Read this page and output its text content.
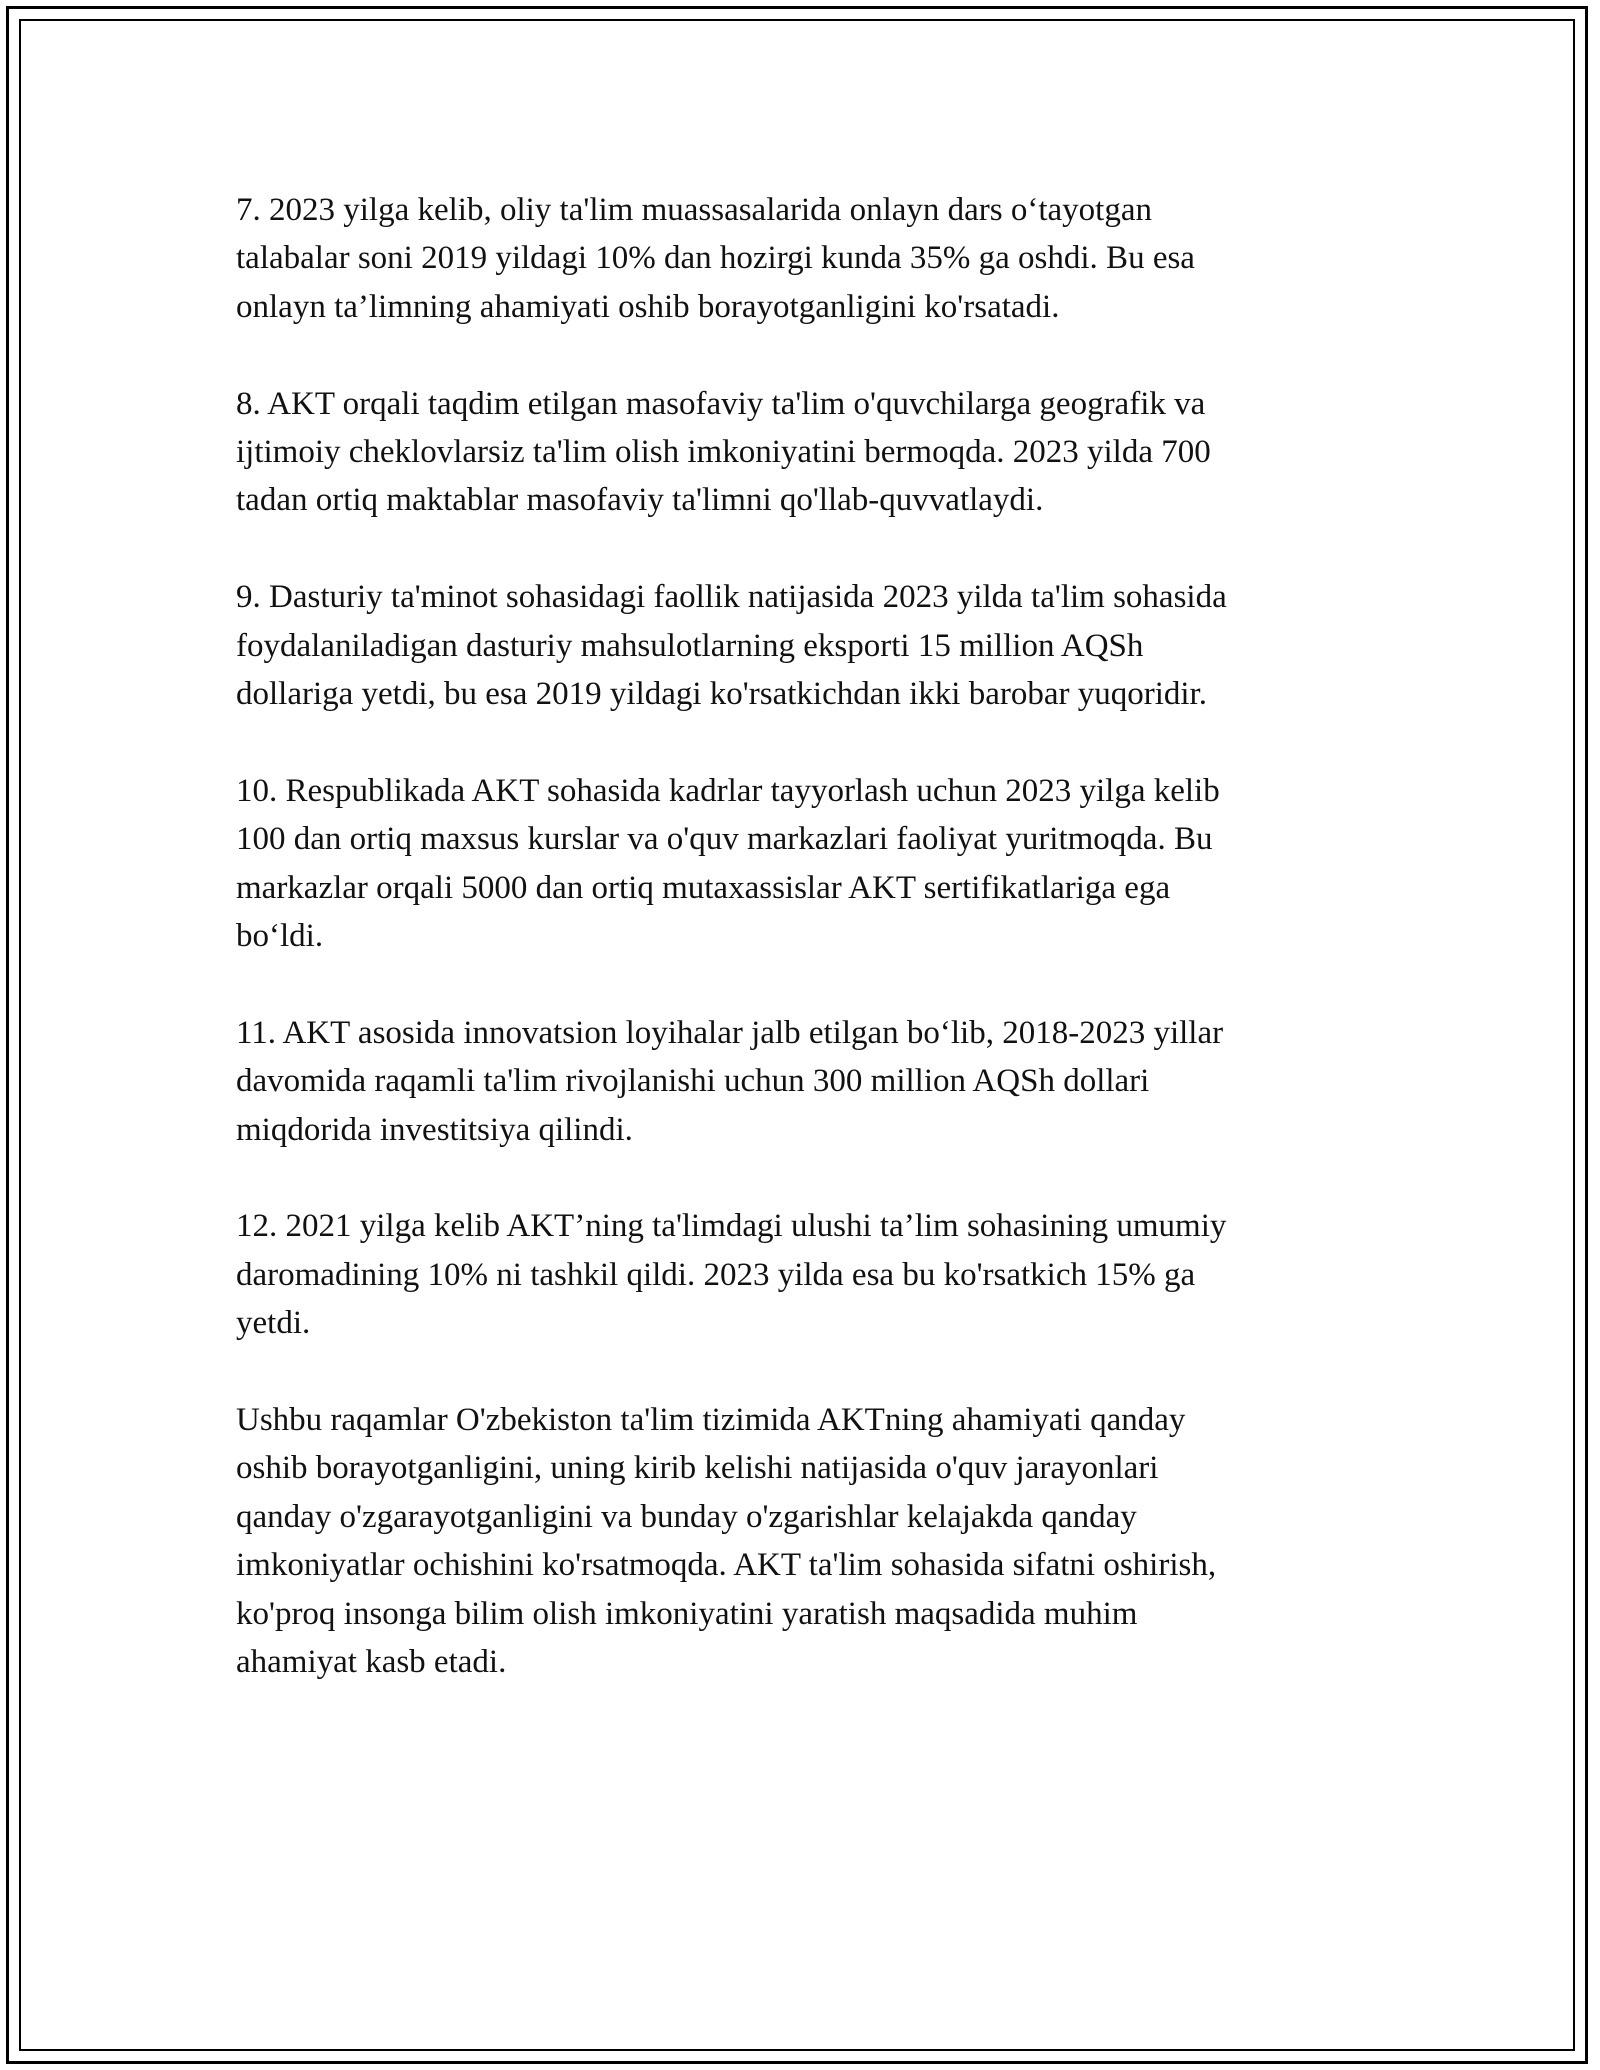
7. 2023 yilga kelib, oliy ta'lim muassasalarida onlayn dars o‘tayotgan
talabalar soni 2019 yildagi 10% dan hozirgi kunda 35% ga oshdi. Bu esa
onlayn ta’limning ahamiyati oshib borayotganligini ko'rsatadi.

8. AKT orqali taqdim etilgan masofaviy ta'lim o'quvchilarga geografik va
ijtimoiy cheklovlarsiz ta'lim olish imkoniyatini bermoqda. 2023 yilda 700
tadan ortiq maktablar masofaviy ta'limni qo'llab-quvvatlaydi.

9. Dasturiy ta'minot sohasidagi faollik natijasida 2023 yilda ta'lim sohasida
foydalaniladigan dasturiy mahsulotlarning eksporti 15 million AQSh
dollariga yetdi, bu esa 2019 yildagi ko'rsatkichdan ikki barobar yuqoridir.

10. Respublikada AKT sohasida kadrlar tayyorlash uchun 2023 yilga kelib
100 dan ortiq maxsus kurslar va o'quv markazlari faoliyat yuritmoqda. Bu
markazlar orqali 5000 dan ortiq mutaxassislar AKT sertifikatlariga ega
bo‘ldi.

11. AKT asosida innovatsion loyihalar jalb etilgan bo‘lib, 2018-2023 yillar
davomida raqamli ta'lim rivojlanishi uchun 300 million AQSh dollari
miqdorida investitsiya qilindi.

12. 2021 yilga kelib AKT’ning ta'limdagi ulushi ta’lim sohasining umumiy
daromadining 10% ni tashkil qildi. 2023 yilda esa bu ko'rsatkich 15% ga
yetdi.

Ushbu raqamlar O'zbekiston ta'lim tizimida AKTning ahamiyati qanday
oshib borayotganligini, uning kirib kelishi natijasida o'quv jarayonlari
qanday o'zgarayotganligini va bunday o'zgarishlar kelajakda qanday
imkoniyatlar ochishini ko'rsatmoqda. AKT ta'lim sohasida sifatni oshirish,
ko'proq insonga bilim olish imkoniyatini yaratish maqsadida muhim
ahamiyat kasb etadi.
